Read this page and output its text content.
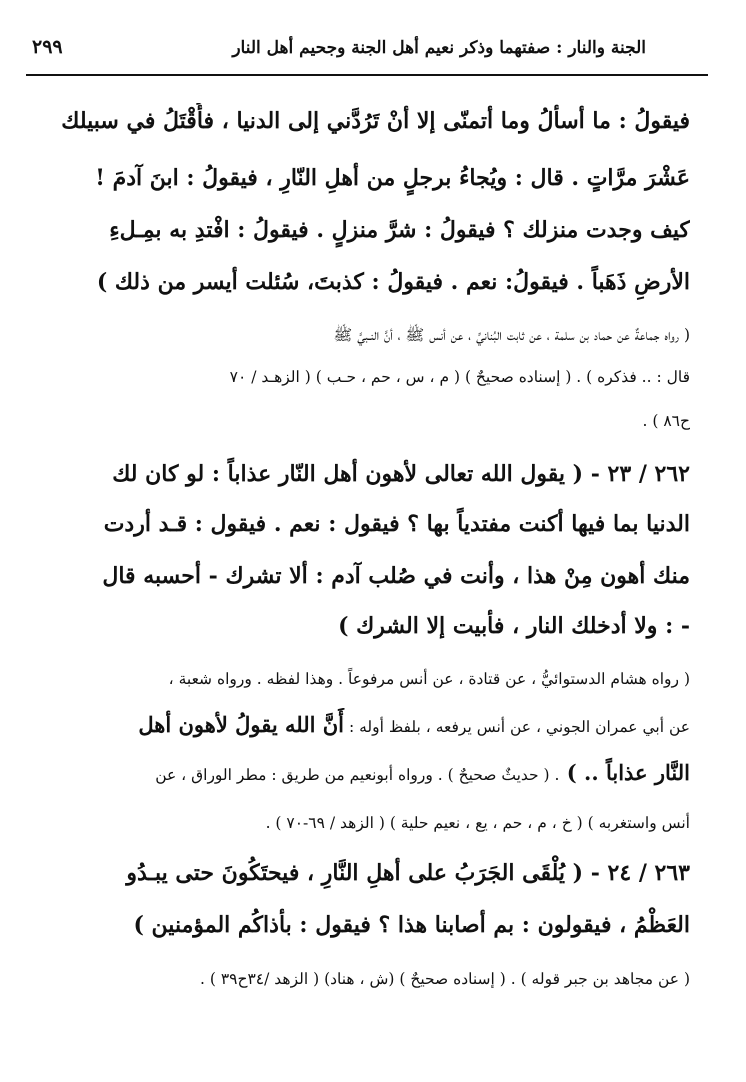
الجنة والنار : صفتهما وذكر نعيم أهل الجنة وجحيم أهل النار
٢٩٩
فيقولُ : ما أسألُ وما أتمنّى إلا أنْ تَرُدَّني إلى الدنيا ، فأُقْتَلُ في سبيلك
عَشْرَ مرَّاتٍ . قال : ويُجاءُ برجلٍ من أهلِ النّارِ ، فيقولُ : ابنَ آدمَ !
كيف وجدت منزلك ؟ فيقولُ : شرَّ منزلٍ . فيقولُ : افْتدِ به بمِـلءِ
الأرضِ ذَهَباً . فيقولُ: نعم . فيقولُ : كذبتَ، سُئلت أيسر من ذلك )
( رواه جماعةٌ عن حماد بن سلمة ، عن ثابت البُنانيِّ ، عن أنس ﷺ ، أنَّ النـبيَّ ﷺ
قال : .. فذكره ) . ( إسناده صحيحٌ ) ( م ، س ، حم ، حـب ) ( الزهـد / ٧٠
ح٨٦ ) .
٢٦٢ / ٢٣ - ( يقول الله تعالى لأهون أهل النّار عذاباً : لو كان لك
الدنيا بما فيها أكنت مفتدياً بها ؟ فيقول : نعم . فيقول : قـد أردت
منك أهون مِنْ هذا ، وأنت في صُلب آدم : ألا تشرك - أحسبه قال
- : ولا أدخلك النار ، فأبيت إلا الشرك )
( رواه هشام الدستوائيُّ ، عن قتادة ، عن أنس مرفوعاً . وهذا لفظه . ورواه شعبة ،
عن أبي عمران الجوني ، عن أنس يرفعه ، بلفظ أوله : أَنَّ الله يقولُ لأهون أهل
النَّار عذاباً .. ) . ( حديثٌ صحيحٌ ) . ورواه أبونعيم من طريق : مطر الوراق ، عن
أنس واستغربه ) ( خ ، م ، حم ، يع ، نعيم حلية ) ( الزهد / ٦٩-٧٠ ) .
٢٦٣ / ٢٤ - ( يُلْقَى الجَرَبُ على أهلِ النَّارِ ، فيحتَكُونَ حتى يبـدُو
العَظْمُ ، فيقولون : بم أصابنا هذا ؟ فيقول : بأذاكُم المؤمنين )
( عن مجاهد بن جبر قوله ) . ( إسناده صحيحٌ ) (ش ، هناد) ( الزهد /٣٤ح٣٩ ) .
